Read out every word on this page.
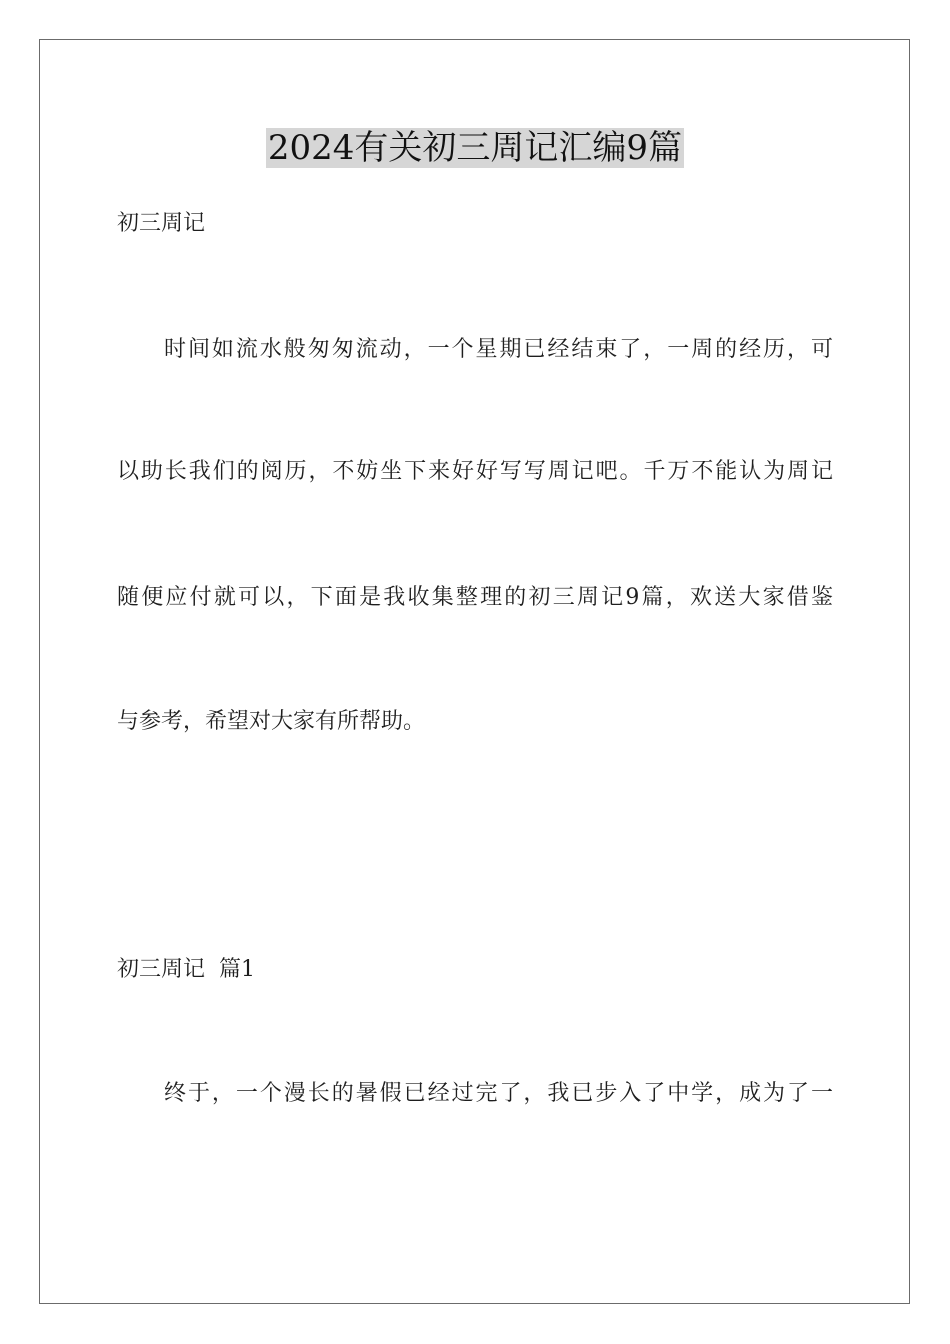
2024有关初三周记汇编9篇
初三周记
时间如流水般匆匆流动，一个星期已经结束了，一周的经历，可
以助长我们的阅历，不妨坐下来好好写写周记吧。千万不能认为周记
随便应付就可以，下面是我收集整理的初三周记9篇，欢送大家借鉴
与参考，希望对大家有所帮助。
初三周记  篇1
终于，一个漫长的暑假已经过完了，我已步入了中学，成为了一
